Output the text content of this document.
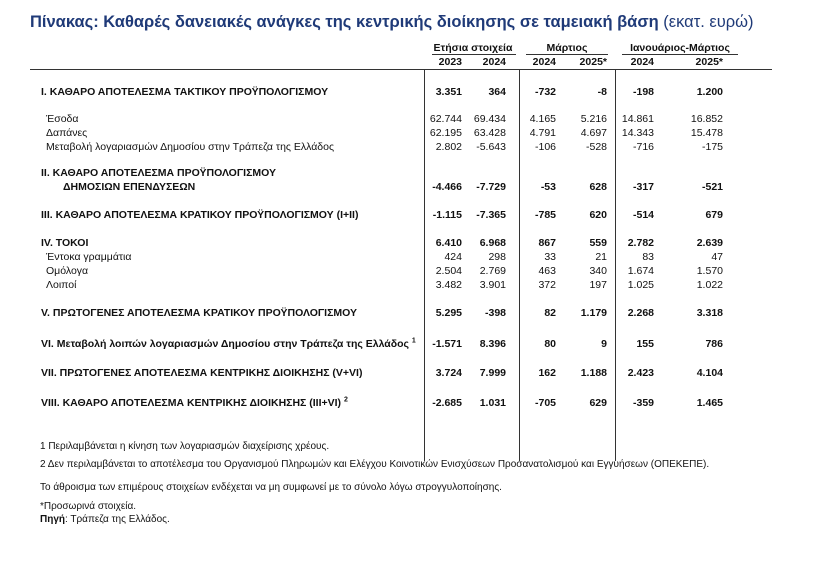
Πίνακας: Καθαρές δανειακές ανάγκες της κεντρικής διοίκησης σε ταμειακή βάση (εκατ. ευρώ)
Ετήσια στοιχεία	Μάρτιος	Ιανουάριος-Μάρτιος
2023	2024	2024	2025*	2024	2025*
I. ΚΑΘΑΡΟ ΑΠΟΤΕΛΕΣΜΑ ΤΑΚΤΙΚΟΥ ΠΡΟΫΠΟΛΟΓΙΣΜΟΥ	3.351	364	-732	-8	-198	1.200
Έσοδα	62.744	69.434	4.165	5.216	14.861	16.852
Δαπάνες	62.195	63.428	4.791	4.697	14.343	15.478
Μεταβολή λογαριασμών Δημοσίου στην Τράπεζα της Ελλάδος	2.802	-5.643	-106	-528	-716	-175
II. ΚΑΘΑΡΟ ΑΠΟΤΕΛΕΣΜΑ ΠΡΟΫΠΟΛΟΓΙΣΜΟΥ
ΔΗΜΟΣΙΩΝ ΕΠΕΝΔΥΣΕΩΝ	-4.466	-7.729	-53	628	-317	-521
III. ΚΑΘΑΡΟ ΑΠΟΤΕΛΕΣΜΑ ΚΡΑΤΙΚΟΥ ΠΡΟΫΠΟΛΟΓΙΣΜΟΥ (I+II)	-1.115	-7.365	-785	620	-514	679
IV. ΤΟΚΟΙ	6.410	6.968	867	559	2.782	2.639
Έντοκα γραμμάτια	424	298	33	21	83	47
Ομόλογα	2.504	2.769	463	340	1.674	1.570
Λοιποί	3.482	3.901	372	197	1.025	1.022
V. ΠΡΩΤΟΓΕΝΕΣ ΑΠΟΤΕΛΕΣΜΑ ΚΡΑΤΙΚΟΥ ΠΡΟΫΠΟΛΟΓΙΣΜΟΥ	5.295	-398	82	1.179	2.268	3.318
VI. Μεταβολή λοιπών λογαριασμών Δημοσίου στην Τράπεζα της Ελλάδος $^1$	-1.571	8.396	80	9	155	786
VII. ΠΡΩΤΟΓΕΝΕΣ ΑΠΟΤΕΛΕΣΜΑ ΚΕΝΤΡΙΚΗΣ ΔΙΟΙΚΗΣΗΣ (V+VI)	3.724	7.999	162	1.188	2.423	4.104
VIII. ΚΑΘΑΡΟ ΑΠΟΤΕΛΕΣΜΑ ΚΕΝΤΡΙΚΗΣ ΔΙΟΙΚΗΣΗΣ (III+VI) $^2$	-2.685	1.031	-705	629	-359	1.465
1 Περιλαμβάνεται η κίνηση των λογαριασμών διαχείρισης χρέους.
2 Δεν περιλαμβάνεται το αποτέλεσμα του Οργανισμού Πληρωμών και Ελέγχου Κοινοτικών Ενισχύσεων Προσανατολισμού και Εγγυήσεων (ΟΠΕΚΕΠΕ).
Το άθροισμα των επιμέρους στοιχείων ενδέχεται να μη συμφωνεί με το σύνολο λόγω στρογγυλοποίησης.
*Προσωρινά στοιχεία.
Πηγή: Τράπεζα της Ελλάδος.
